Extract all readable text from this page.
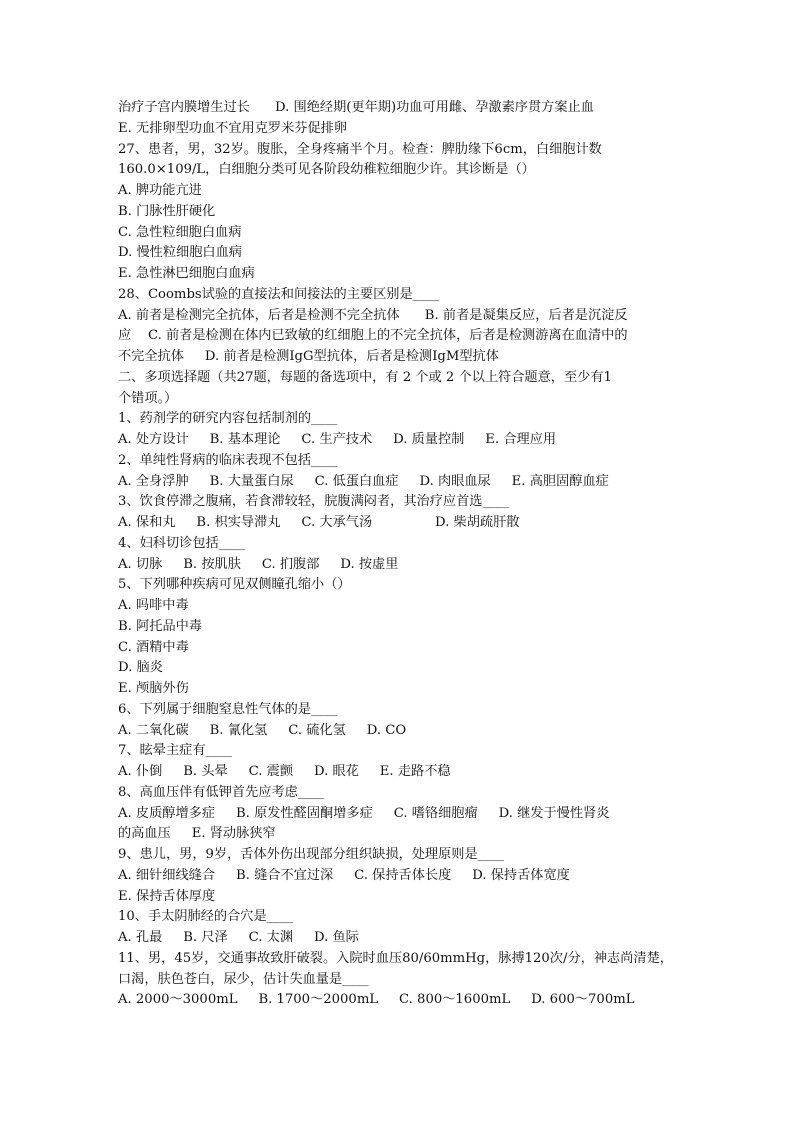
治疗子宫内膜增生过长      D. 围绝经期(更年期)功血可用雌、孕激素序贯方案止血
E. 无排卵型功血不宜用克罗米芬促排卵
27、患者，男，32岁。腹胀，全身疼痛半个月。检查：脾肋缘下6cm，白细胞计数
160.0×109/L，白细胞分类可见各阶段幼稚粒细胞少许。其诊断是（）
A. 脾功能亢进
B. 门脉性肝硬化
C. 急性粒细胞白血病
D. 慢性粒细胞白血病
E. 急性淋巴细胞白血病
28、Coombs试验的直接法和间接法的主要区别是____
A. 前者是检测完全抗体，后者是检测不完全抗体      B. 前者是凝集反应，后者是沉淀反
应    C. 前者是检测在体内已致敏的红细胞上的不完全抗体，后者是检测游离在血清中的
不完全抗体     D. 前者是检测IgG型抗体，后者是检测IgM型抗体
二、多项选择题（共27题，每题的备选项中，有 2 个或 2 个以上符合题意，至少有1
个错项。）
1、药剂学的研究内容包括制剂的____
A. 处方设计     B. 基本理论     C. 生产技术     D. 质量控制     E. 合理应用
2、单纯性肾病的临床表现不包括____
A. 全身浮肿     B. 大量蛋白尿     C. 低蛋白血症     D. 肉眼血尿     E. 高胆固醇血症
3、饮食停滞之腹痛，若食滞较轻，脘腹满闷者，其治疗应首选____
A. 保和丸     B. 枳实导滞丸     C. 大承气汤               D. 柴胡疏肝散
4、妇科切诊包括____
A. 切脉     B. 按肌肤     C. 扪腹部     D. 按虚里
5、下列哪种疾病可见双侧瞳孔缩小（）
A. 吗啡中毒
B. 阿托品中毒
C. 酒精中毒
D. 脑炎
E. 颅脑外伤
6、下列属于细胞窒息性气体的是____
A. 二氧化碳     B. 氰化氢     C. 硫化氢     D. CO
7、眩晕主症有____
A. 仆倒     B. 头晕     C. 震颤     D. 眼花     E. 走路不稳
8、高血压伴有低钾首先应考虑____
A. 皮质醇增多症     B. 原发性醛固酮增多症     C. 嗜铬细胞瘤     D. 继发于慢性肾炎
的高血压     E. 肾动脉狭窄
9、患儿，男，9岁，舌体外伤出现部分组织缺损，处理原则是____
A. 细针细线缝合     B. 缝合不宜过深     C. 保持舌体长度     D. 保持舌体宽度
E. 保持舌体厚度
10、手太阴肺经的合穴是____
A. 孔最     B. 尺泽     C. 太渊     D. 鱼际
11、男，45岁，交通事故致肝破裂。入院时血压80/60mmHg，脉搏120次/分，神志尚清楚，
口渴，肤色苍白，尿少，估计失血量是____
A. 2000～3000mL     B. 1700～2000mL     C. 800～1600mL     D. 600～700mL
